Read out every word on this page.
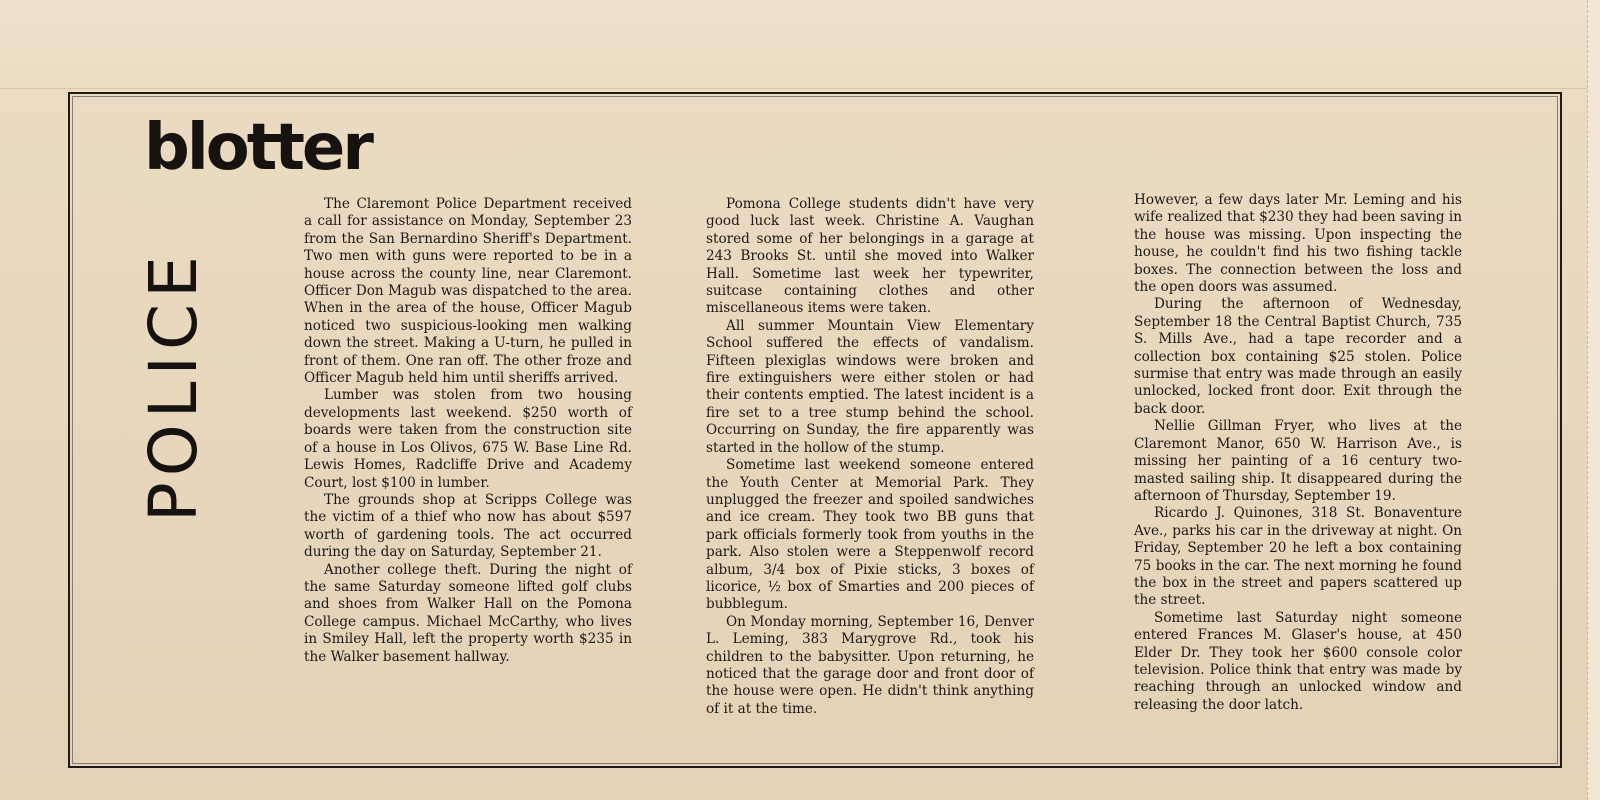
blotter
POLICE

The Claremont Police Department received a call for assistance on Monday, September 23 from the San Bernardino Sheriff's Department. Two men with guns were reported to be in a house across the county line, near Claremont. Officer Don Magub was dispatched to the area. When in the area of the house, Officer Magub noticed two suspicious-looking men walking down the street. Making a U-turn, he pulled in front of them. One ran off. The other froze and Officer Magub held him until sheriffs arrived.

Lumber was stolen from two housing developments last weekend. $250 worth of boards were taken from the construction site of a house in Los Olivos, 675 W. Base Line Rd. Lewis Homes, Radcliffe Drive and Academy Court, lost $100 in lumber.

The grounds shop at Scripps College was the victim of a thief who now has about $597 worth of gardening tools. The act occurred during the day on Saturday, September 21.

Another college theft. During the night of the same Saturday someone lifted golf clubs and shoes from Walker Hall on the Pomona College campus. Michael McCarthy, who lives in Smiley Hall, left the property worth $235 in the Walker basement hallway.

Pomona College students didn't have very good luck last week. Christine A. Vaughan stored some of her belongings in a garage at 243 Brooks St. until she moved into Walker Hall. Sometime last week her typewriter, suitcase containing clothes and other miscellaneous items were taken.

All summer Mountain View Elementary School suffered the effects of vandalism. Fifteen plexiglas windows were broken and fire extinguishers were either stolen or had their contents emptied. The latest incident is a fire set to a tree stump behind the school. Occurring on Sunday, the fire apparently was started in the hollow of the stump.

Sometime last weekend someone entered the Youth Center at Memorial Park. They unplugged the freezer and spoiled sandwiches and ice cream. They took two BB guns that park officials formerly took from youths in the park. Also stolen were a Steppenwolf record album, 3/4 box of Pixie sticks, 3 boxes of licorice, ½ box of Smarties and 200 pieces of bubblegum.

On Monday morning, September 16, Denver L. Leming, 383 Marygrove Rd., took his children to the babysitter. Upon returning, he noticed that the garage door and front door of the house were open. He didn't think anything of it at the time.

However, a few days later Mr. Leming and his wife realized that $230 they had been saving in the house was missing. Upon inspecting the house, he couldn't find his two fishing tackle boxes. The connection between the loss and the open doors was assumed.

During the afternoon of Wednesday, September 18 the Central Baptist Church, 735 S. Mills Ave., had a tape recorder and a collection box containing $25 stolen. Police surmise that entry was made through an easily unlocked, locked front door. Exit through the back door.

Nellie Gillman Fryer, who lives at the Claremont Manor, 650 W. Harrison Ave., is missing her painting of a 16 century two-masted sailing ship. It disappeared during the afternoon of Thursday, September 19.

Ricardo J. Quinones, 318 St. Bonaventure Ave., parks his car in the driveway at night. On Friday, September 20 he left a box containing 75 books in the car. The next morning he found the box in the street and papers scattered up the street.

Sometime last Saturday night someone entered Frances M. Glaser's house, at 450 Elder Dr. They took her $600 console color television. Police think that entry was made by reaching through an unlocked window and releasing the door latch.
